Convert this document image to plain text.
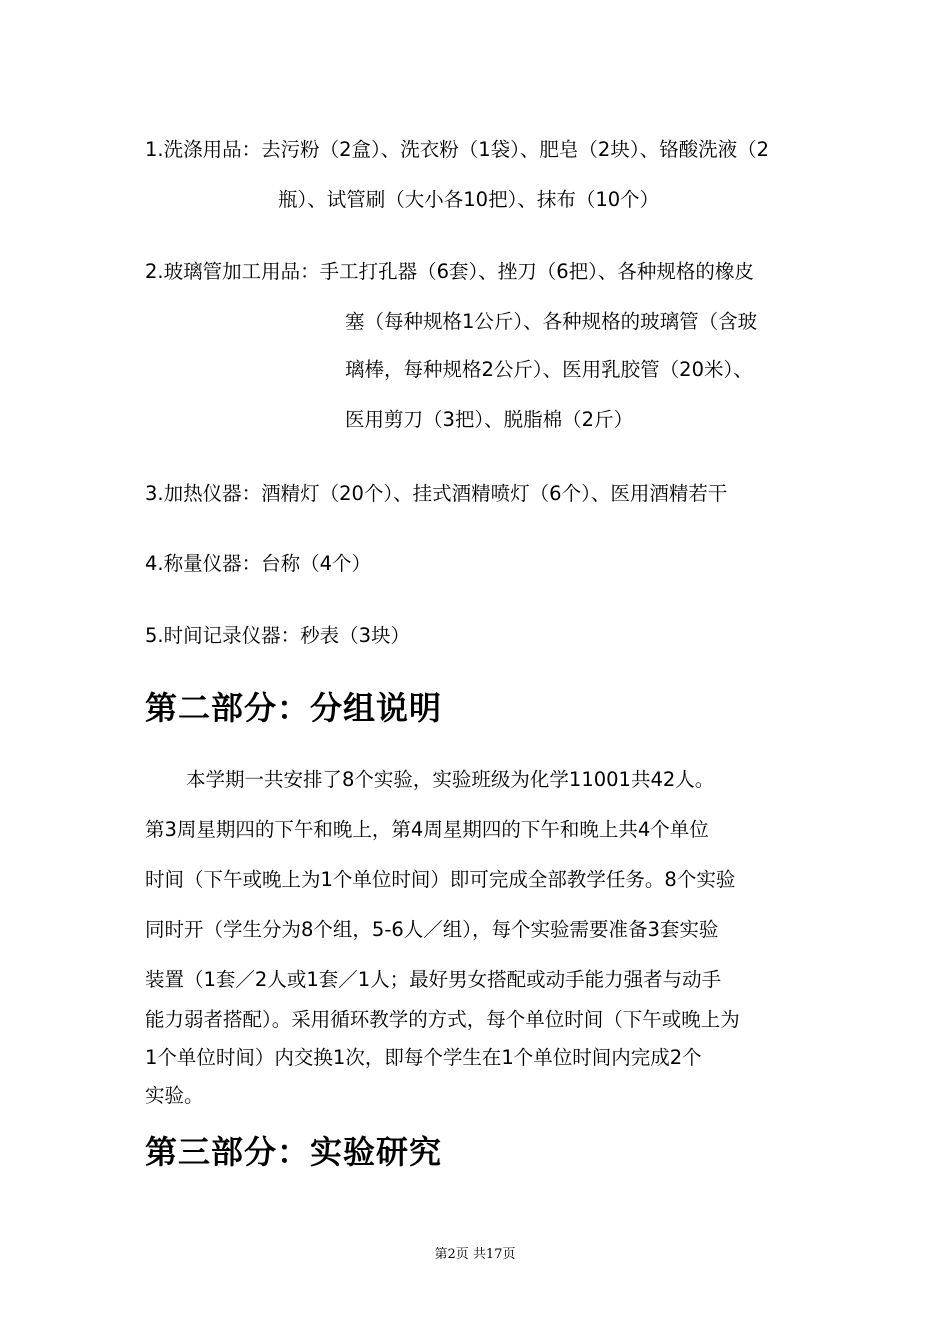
1.洗涤用品：去污粉（2盒）、洗衣粉（1袋）、肥皂（2块）、铬酸洗液（2
瓶）、试管刷（大小各10把）、抹布（10个）
2.玻璃管加工用品：手工打孔器（6套）、挫刀（6把）、各种规格的橡皮
塞（每种规格1公斤）、各种规格的玻璃管（含玻
璃棒，每种规格2公斤）、医用乳胶管（20米）、
医用剪刀（3把）、脱脂棉（2斤）
3.加热仪器：酒精灯（20个）、挂式酒精喷灯（6个）、医用酒精若干
4.称量仪器：台称（4个）
5.时间记录仪器：秒表（3块）
第二部分：分组说明
本学期一共安排了8个实验，实验班级为化学11001共42人。
第3周星期四的下午和晚上，第4周星期四的下午和晚上共4个单位
时间（下午或晚上为1个单位时间）即可完成全部教学任务。8个实验
同时开（学生分为8个组，5-6人／组），每个实验需要准备3套实验
装置（1套／2人或1套／1人；最好男女搭配或动手能力强者与动手
能力弱者搭配）。采用循环教学的方式，每个单位时间（下午或晚上为
1个单位时间）内交换1次，即每个学生在1个单位时间内完成2个
实验。
第三部分：实验研究
第2页 共17页
